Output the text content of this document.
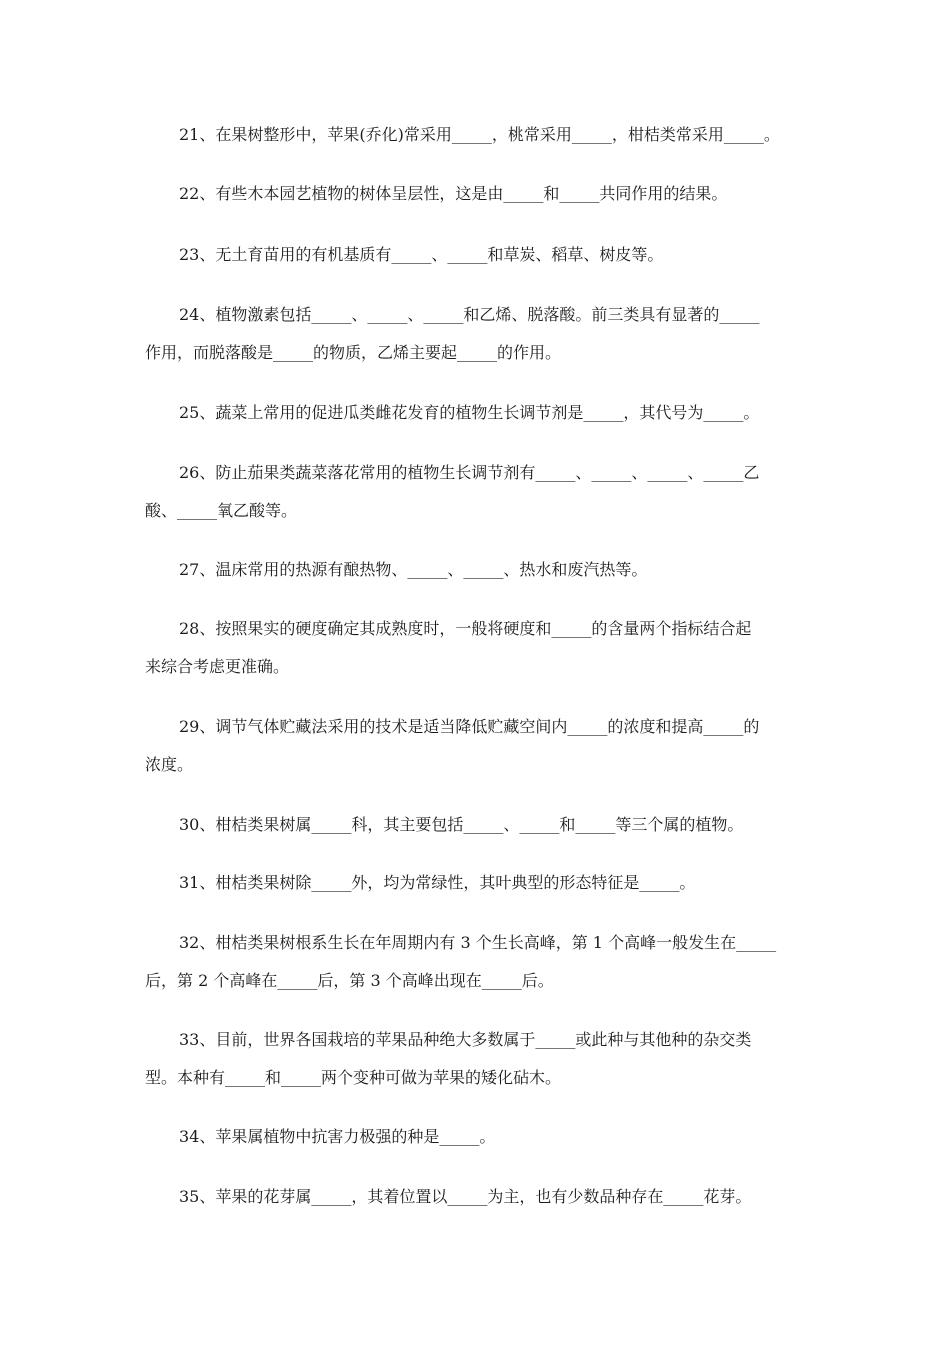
21、在果树整形中，苹果(乔化)常采用_____，桃常采用_____，柑桔类常采用_____。
22、有些木本园艺植物的树体呈层性，这是由_____和_____共同作用的结果。
23、无土育苗用的有机基质有_____、_____和草炭、稻草、树皮等。
24、植物激素包括_____、_____、_____和乙烯、脱落酸。前三类具有显著的_____
作用，而脱落酸是_____的物质，乙烯主要起_____的作用。
25、蔬菜上常用的促进瓜类雌花发育的植物生长调节剂是_____，其代号为_____。
26、防止茄果类蔬菜落花常用的植物生长调节剂有_____、_____、_____、_____乙
酸、_____氧乙酸等。
27、温床常用的热源有酿热物、_____、_____、热水和废汽热等。
28、按照果实的硬度确定其成熟度时，一般将硬度和_____的含量两个指标结合起
来综合考虑更准确。
29、调节气体贮藏法采用的技术是适当降低贮藏空间内_____的浓度和提高_____的
浓度。
30、柑桔类果树属_____科，其主要包括_____、_____和_____等三个属的植物。
31、柑桔类果树除_____外，均为常绿性，其叶典型的形态特征是_____。
32、柑桔类果树根系生长在年周期内有 3 个生长高峰，第 1 个高峰一般发生在_____
后，第 2 个高峰在_____后，第 3 个高峰出现在_____后。
33、目前，世界各国栽培的苹果品种绝大多数属于_____或此种与其他种的杂交类
型。本种有_____和_____两个变种可做为苹果的矮化砧木。
34、苹果属植物中抗害力极强的种是_____。
35、苹果的花芽属_____，其着位置以_____为主，也有少数品种存在_____花芽。
